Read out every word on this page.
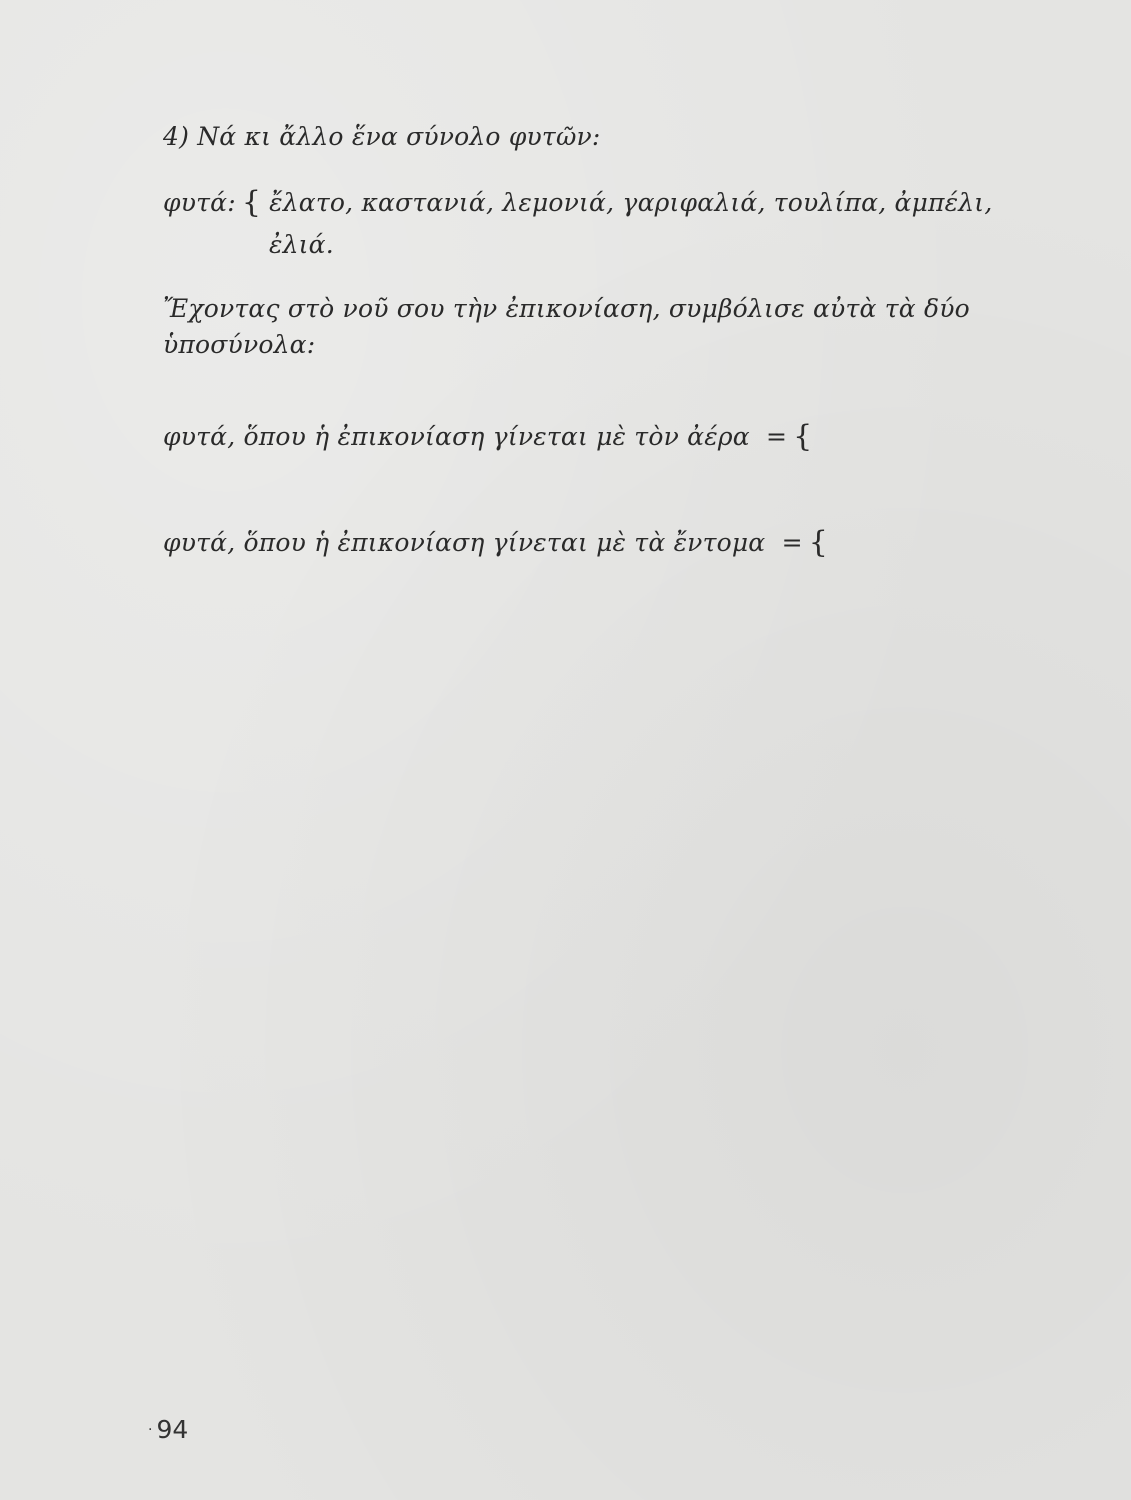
4) Νά κι ἄλλο ἕνα σύνολο φυτῶν:
φυτά: { ἔλατο, καστανιά, λεμονιά, γαριφαλιά, τουλίπα, ἀμπέλι,
ἐλιά.
Ἔχοντας στὸ νοῦ σου τὴν ἐπικονίαση, συμβόλισε αὐτὰ τὰ δύο
ὑποσύνολα:
φυτά, ὅπου ἡ ἐπικονίαση γίνεται μὲ τὸν ἀέρα = {
φυτά, ὅπου ἡ ἐπικονίαση γίνεται μὲ τὰ ἔντομα = {
· 94
